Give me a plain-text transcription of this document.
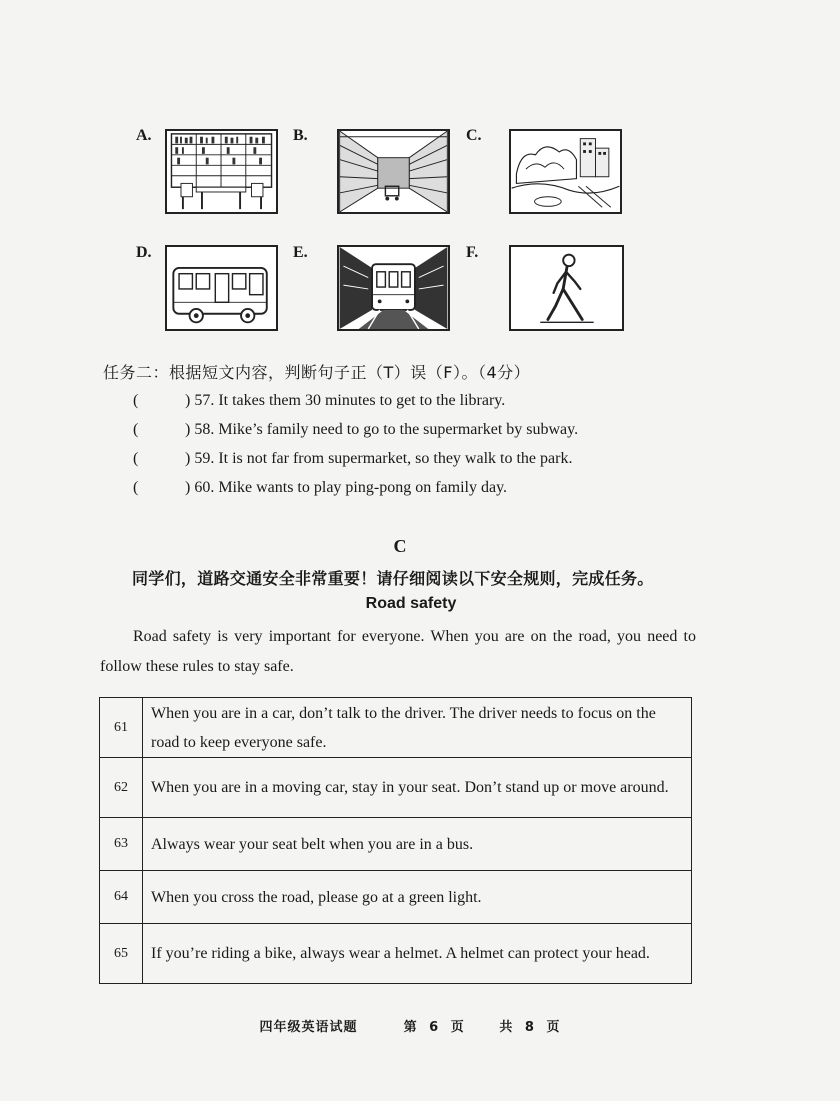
A.	B.	C.
D.	E.	F.
任务二：根据短文内容，判断句子正（T）误（F）。（4分）
(	) 57. It takes them 30 minutes to get to the library.
(	) 58. Mike’s family need to go to the supermarket by subway.
(	) 59. It is not far from supermarket, so they walk to the park.
(	) 60. Mike wants to play ping-pong on family day.
C
同学们，道路交通安全非常重要！请仔细阅读以下安全规则，完成任务。
Road safety
Road safety is very important for everyone. When you are on the road, you need to follow these rules to stay safe.
61	When you are in a car, don’t talk to the driver. The driver needs to focus on the road to keep everyone safe.
62	When you are in a moving car, stay in your seat. Don’t stand up or move around.
63	Always wear your seat belt when you are in a bus.
64	When you cross the road, please go at a green light.
65	If you’re riding a bike, always wear a helmet. A helmet can protect your head.
四年级英语试题	第 6 页	共 8 页
